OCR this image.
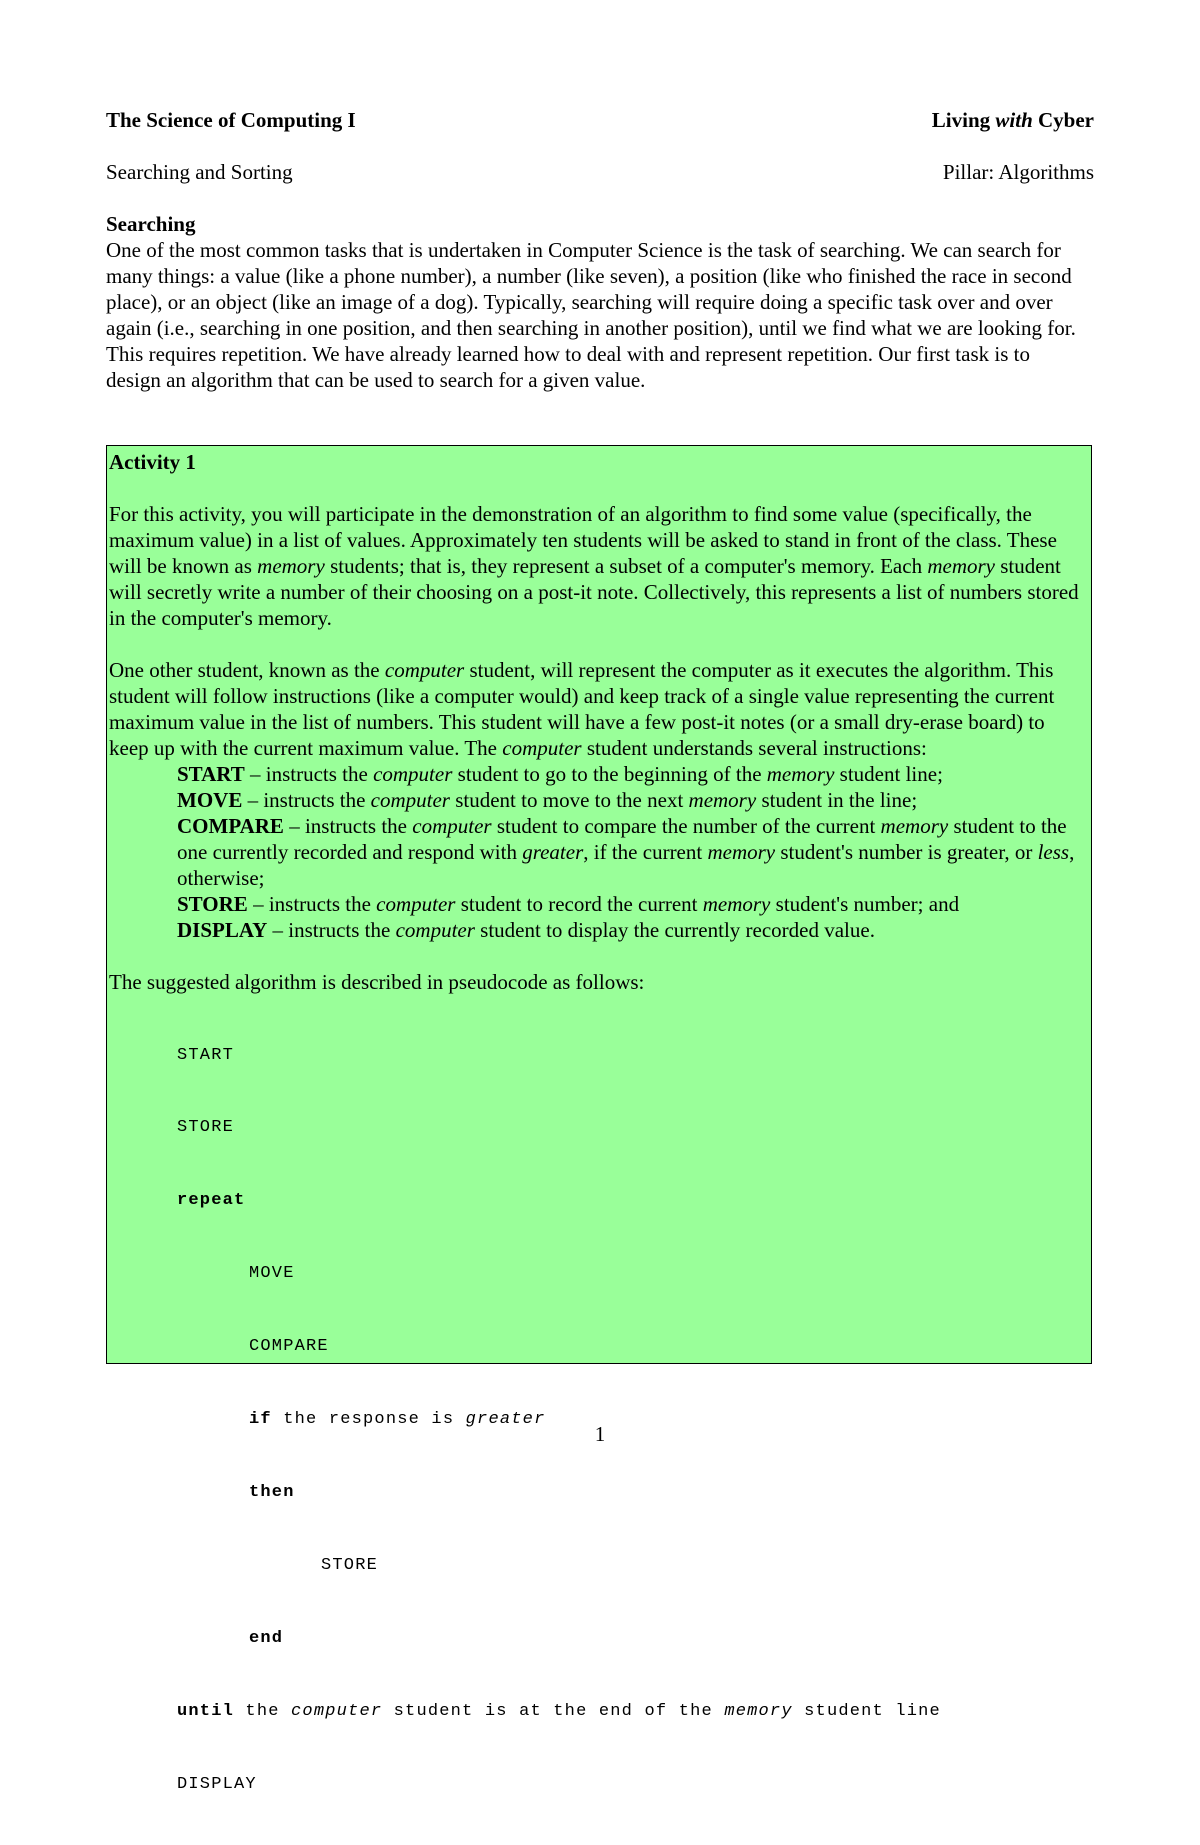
The Science of Computing I	Living with Cyber
Searching and Sorting	Pillar: Algorithms
Searching

One of the most common tasks that is undertaken in Computer Science is the task of searching. We can search for many things: a value (like a phone number), a number (like seven), a position (like who finished the race in second place), or an object (like an image of a dog). Typically, searching will require doing a specific task over and over again (i.e., searching in one position, and then searching in another position), until we find what we are looking for. This requires repetition. We have already learned how to deal with and represent repetition. Our first task is to design an algorithm that can be used to search for a given value.

Activity 1

For this activity, you will participate in the demonstration of an algorithm to find some value (specifically, the maximum value) in a list of values. Approximately ten students will be asked to stand in front of the class. These will be known as memory students; that is, they represent a subset of a computer's memory. Each memory student will secretly write a number of their choosing on a post-it note. Collectively, this represents a list of numbers stored in the computer's memory.

One other student, known as the computer student, will represent the computer as it executes the algorithm. This student will follow instructions (like a computer would) and keep track of a single value representing the current maximum value in the list of numbers. This student will have a few post-it notes (or a small dry-erase board) to keep up with the current maximum value. The computer student understands several instructions:

START – instructs the computer student to go to the beginning of the memory student line;
MOVE – instructs the computer student to move to the next memory student in the line;
COMPARE – instructs the computer student to compare the number of the current memory student to the one currently recorded and respond with greater, if the current memory student's number is greater, or less, otherwise;
STORE – instructs the computer student to record the current memory student's number; and
DISPLAY – instructs the computer student to display the currently recorded value.

The suggested algorithm is described in pseudocode as follows:

START

STORE

repeat

MOVE

COMPARE

if the response is greater

then

STORE

end

until the computer student is at the end of the memory student line

DISPLAY

1
